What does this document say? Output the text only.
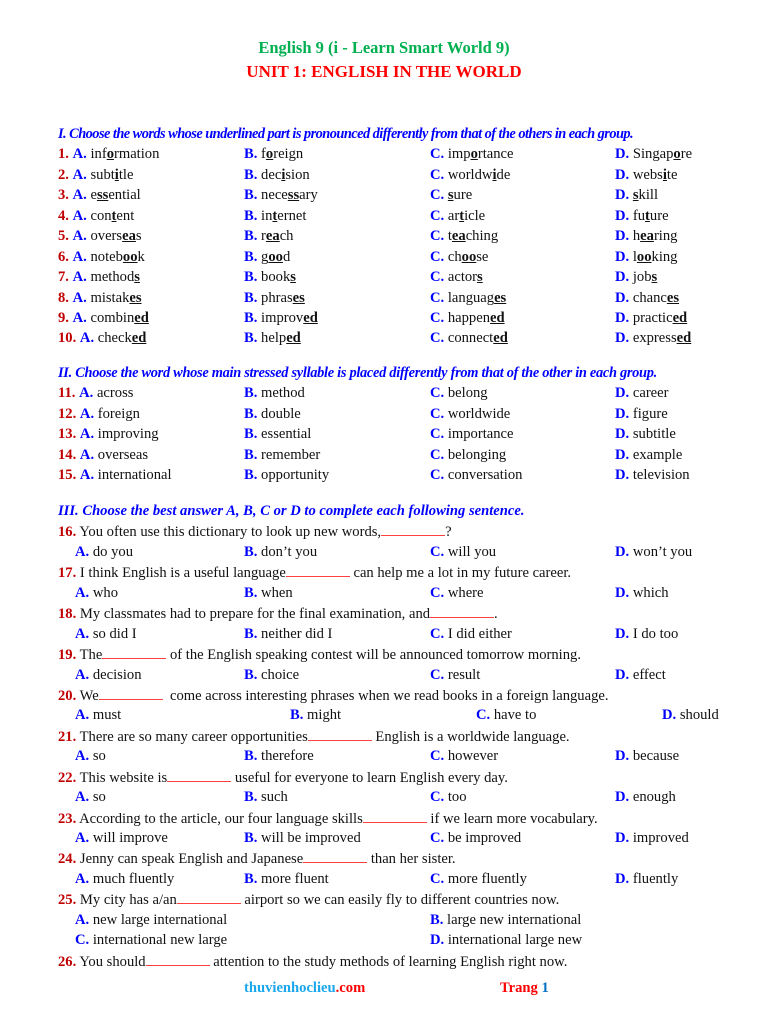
English 9 (i - Learn Smart World 9)
UNIT 1: ENGLISH IN THE WORLD
I. Choose the words whose underlined part is pronounced differently from that of the others in each group.
1. A. information	B. foreign	C. importance	D. Singapore
2. A. subtitle	B. decision	C. worldwide	D. website
3. A. essential	B. necessary	C. sure	D. skill
4. A. content	B. internet	C. article	D. future
5. A. overseas	B. reach	C. teaching	D. hearing
6. A. notebook	B. good	C. choose	D. looking
7. A. methods	B. books	C. actors	D. jobs
8. A. mistakes	B. phrases	C. languages	D. chances
9. A. combined	B. improved	C. happened	D. practiced
10. A. checked	B. helped	C. connected	D. expressed
II. Choose the word whose main stressed syllable is placed differently from that of the other in each group.
11. A. across	B. method	C. belong	D. career
12. A. foreign	B. double	C. worldwide	D. figure
13. A. improving	B. essential	C. importance	D. subtitle
14. A. overseas	B. remember	C. belonging	D. example
15. A. international	B. opportunity	C. conversation	D. television
III. Choose the best answer A, B, C or D to complete each following sentence.
16. You often use this dictionary to look up new words,	?
A. do you	B. don’t you	C. will you	D. won’t you
17. I think English is a useful language	can help me a lot in my future career.
A. who	B. when	C. where	D. which
18. My classmates had to prepare for the final examination, and	.
A. so did I	B. neither did I	C. I did either	D. I do too
19. The	of the English speaking contest will be announced tomorrow morning.
A. decision	B. choice	C. result	D. effect
20. We	come across interesting phrases when we read books in a foreign language.
A. must	B. might	C. have to	D. should
21. There are so many career opportunities	English is a worldwide language.
A. so	B. therefore	C. however	D. because
22. This website is	useful for everyone to learn English every day.
A. so	B. such	C. too	D. enough
23. According to the article, our four language skills	if we learn more vocabulary.
A. will improve	B. will be improved	C. be improved	D. improved
24. Jenny can speak English and Japanese	than her sister.
A. much fluently	B. more fluent	C. more fluently	D. fluently
25. My city has a/an	airport so we can easily fly to different countries now.
A. new large international	B. large new international
C. international new large	D. international large new
26. You should	attention to the study methods of learning English right now.
thuvienhoclieu.com	Trang 1
